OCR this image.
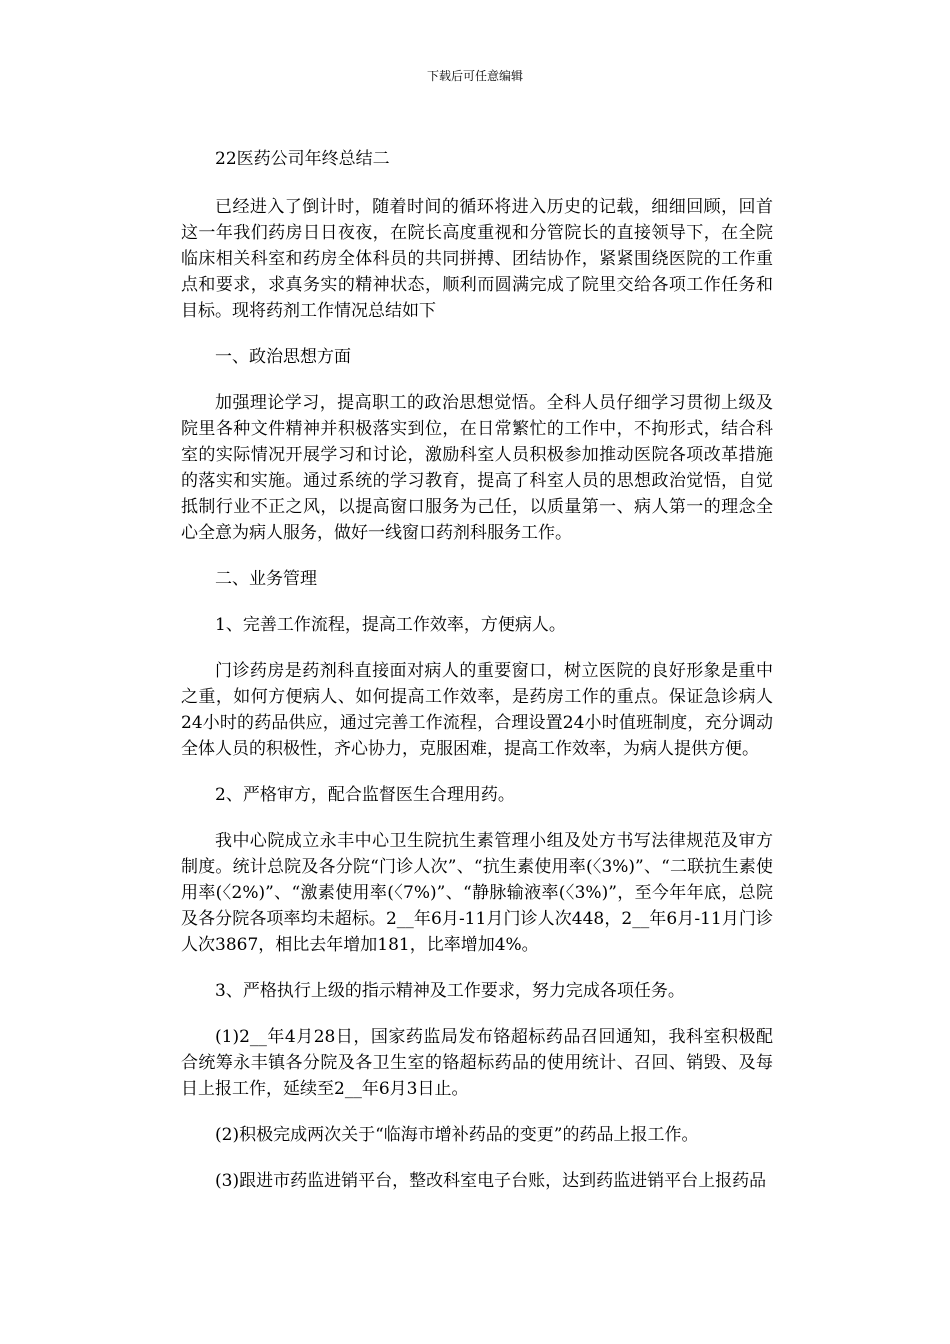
下载后可任意编辑

22医药公司年终总结二

已经进入了倒计时，随着时间的循环将进入历史的记载，细细回顾，回首这一年我们药房日日夜夜，在院长高度重视和分管院长的直接领导下，在全院临床相关科室和药房全体科员的共同拼搏、团结协作，紧紧围绕医院的工作重点和要求，求真务实的精神状态，顺利而圆满完成了院里交给各项工作任务和目标。现将药剂工作情况总结如下

一、政治思想方面

加强理论学习，提高职工的政治思想觉悟。全科人员仔细学习贯彻上级及院里各种文件精神并积极落实到位，在日常繁忙的工作中，不拘形式，结合科室的实际情况开展学习和讨论，激励科室人员积极参加推动医院各项改革措施的落实和实施。通过系统的学习教育，提高了科室人员的思想政治觉悟，自觉抵制行业不正之风，以提高窗口服务为己任，以质量第一、病人第一的理念全心全意为病人服务，做好一线窗口药剂科服务工作。

二、业务管理

1、完善工作流程，提高工作效率，方便病人。

门诊药房是药剂科直接面对病人的重要窗口，树立医院的良好形象是重中之重，如何方便病人、如何提高工作效率，是药房工作的重点。保证急诊病人24小时的药品供应，通过完善工作流程，合理设置24小时值班制度，充分调动全体人员的积极性，齐心协力，克服困难，提高工作效率，为病人提供方便。

2、严格审方，配合监督医生合理用药。

我中心院成立永丰中心卫生院抗生素管理小组及处方书写法律规范及审方制度。统计总院及各分院“门诊人次”、“抗生素使用率(〈3%)”、“二联抗生素使用率(〈2%)”、“激素使用率(〈7%)”、“静脉输液率(〈3%)”，至今年年底，总院及各分院各项率均未超标。2__年6月-11月门诊人次448，2__年6月-11月门诊人次3867，相比去年增加181，比率增加4%。

3、严格执行上级的指示精神及工作要求，努力完成各项任务。

(1)2__年4月28日，国家药监局发布铬超标药品召回通知，我科室积极配合统筹永丰镇各分院及各卫生室的铬超标药品的使用统计、召回、销毁、及每日上报工作，延续至2__年6月3日止。

(2)积极完成两次关于“临海市增补药品的变更”的药品上报工作。

(3)跟进市药监进销平台，整改科室电子台账，达到药监进销平台上报药品
